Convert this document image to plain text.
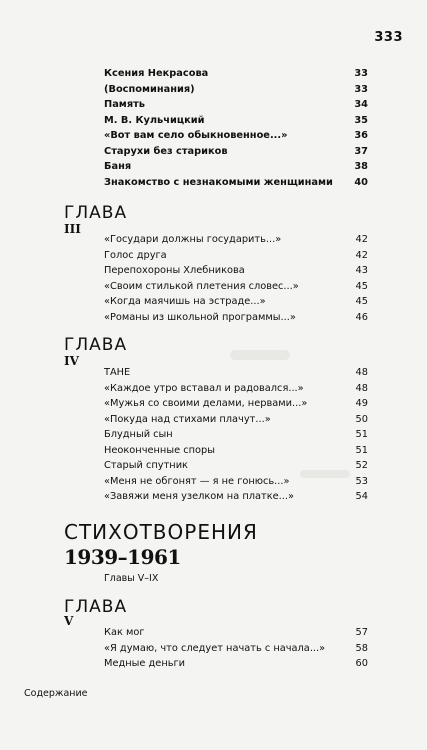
333
Ксения Некрасова	33
(Воспоминания)	33
Память	34
М. В. Кульчицкий	35
«Вот вам село обыкновенное...»	36
Старухи без стариков	37
Баня	38
Знакомство с незнакомыми женщинами 40
ГЛАВА
III
«Государи должны государить...»	42
Голос друга	42
Перепохороны Хлебникова	43
«Своим стилькой плетения словес...»	45
«Когда маячишь на эстраде...»	45
«Романы из школьной программы...»	46
ГЛАВА
IV
ТАНЕ	48
«Каждое утро вставал и радовался...»	48
«Мужья со своими делами, нервами...»	49
«Покуда над стихами плачут...»	50
Блудный сын	51
Неоконченные споры	51
Старый спутник	52
«Меня не обгонят — я не гонюсь...»	53
«Завяжи меня узелком на платке...»	54
СТИХОТВОРЕНИЯ
1939–1961
Главы V–IX
ГЛАВА
V
Как мог	57
«Я думаю, что следует начать с начала...»	58
Медные деньги	60
Содержание
